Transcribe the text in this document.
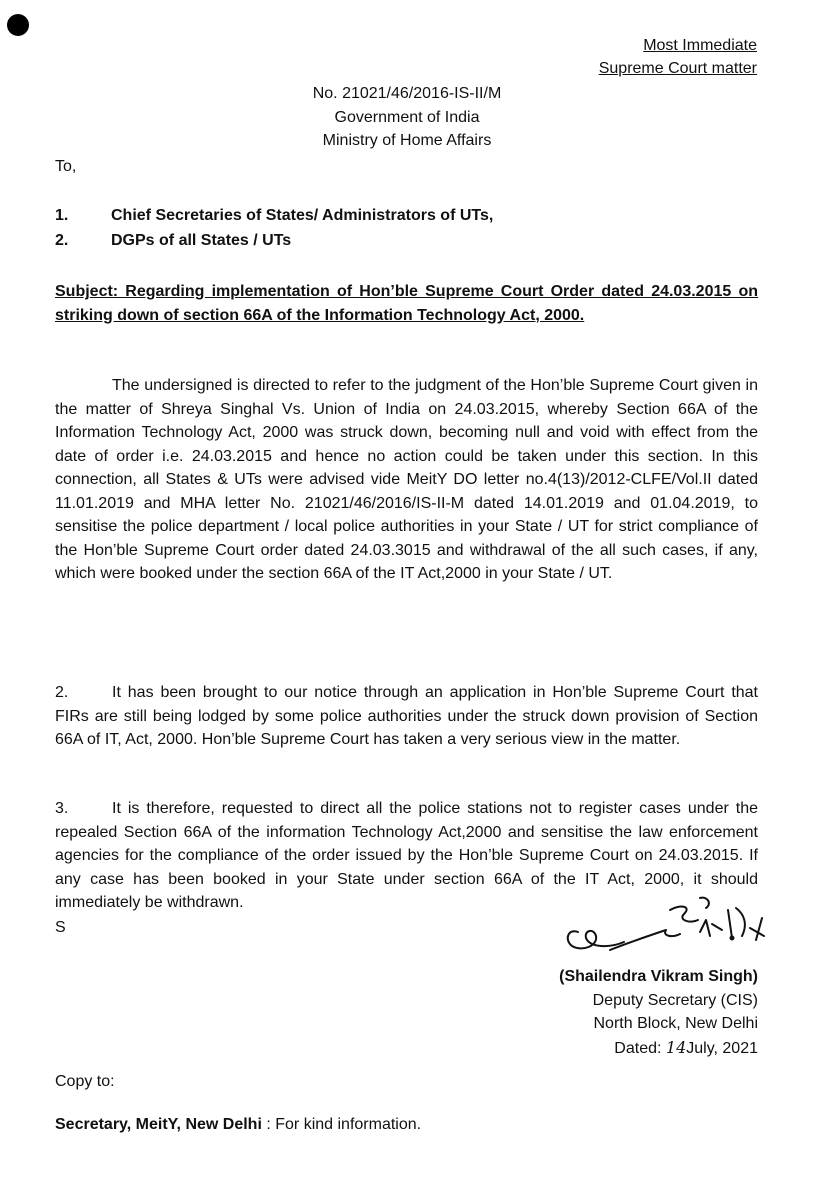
Most Immediate
Supreme Court matter
No. 21021/46/2016-IS-II/M
Government of India
Ministry of Home Affairs
To,
1.	Chief Secretaries of States/ Administrators of UTs,
2.	DGPs of all States / UTs
Subject: Regarding implementation of Hon’ble Supreme Court Order dated 24.03.2015 on striking down of section 66A of the Information Technology Act, 2000.

The undersigned is directed to refer to the judgment of the Hon’ble Supreme Court given in the matter of Shreya Singhal Vs. Union of India on 24.03.2015, whereby Section 66A of the Information Technology Act, 2000 was struck down, becoming null and void with effect from the date of order i.e. 24.03.2015 and hence no action could be taken under this section. In this connection, all States & UTs were advised vide MeitY DO letter no.4(13)/2012-CLFE/Vol.II dated 11.01.2019 and MHA letter No. 21021/46/2016/IS-II-M dated 14.01.2019 and 01.04.2019, to sensitise the police department / local police authorities in your State / UT for strict compliance of the Hon’ble Supreme Court order dated 24.03.3015 and withdrawal of the all such cases, if any, which were booked under the section 66A of the IT Act,2000 in your State / UT.

2.	It has been brought to our notice through an application in Hon’ble Supreme Court that FIRs are still being lodged by some police authorities under the struck down provision of Section 66A of IT, Act, 2000. Hon’ble Supreme Court has taken a very serious view in the matter.

3.	It is therefore, requested to direct all the police stations not to register cases under the repealed Section 66A of the information Technology Act,2000 and sensitise the law enforcement agencies for the compliance of the order issued by the Hon’ble Supreme Court on 24.03.2015. If any case has been booked in your State under section 66A of the IT Act, 2000, it should immediately be withdrawn.

S
(Shailendra Vikram Singh)
Deputy Secretary (CIS)
North Block, New Delhi
Dated: 14July, 2021
Copy to:
Secretary, MeitY, New Delhi : For kind information.
